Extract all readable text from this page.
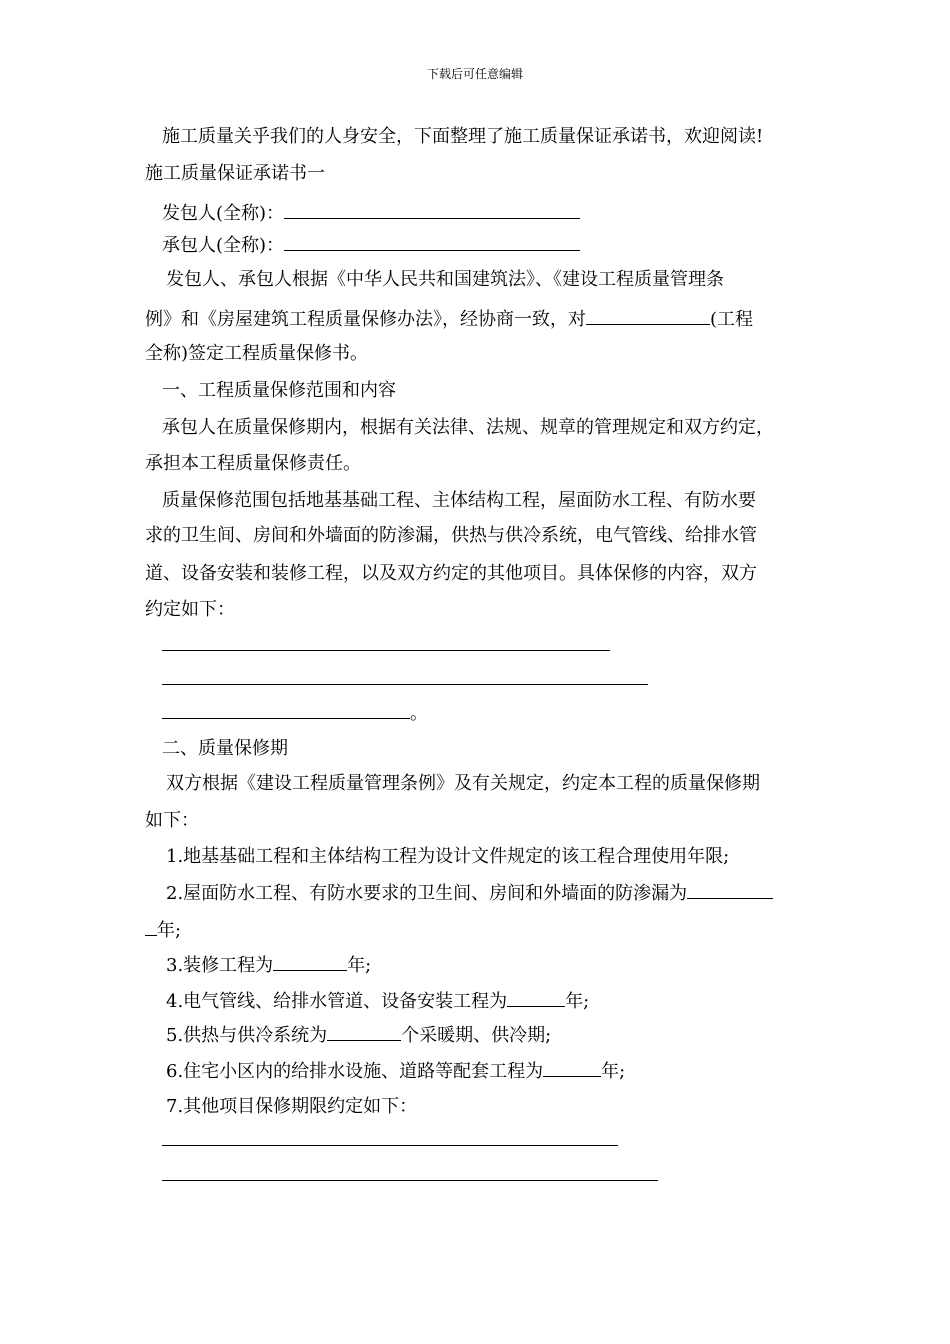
下载后可任意编辑
施工质量关乎我们的人身安全，下面整理了施工质量保证承诺书，欢迎阅读!
施工质量保证承诺书一
发包人(全称)：
承包人(全称)：
发包人、承包人根据《中华人民共和国建筑法》、《建设工程质量管理条
例》和《房屋建筑工程质量保修办法》，经协商一致，对	(工程
全称)签定工程质量保修书。
一、工程质量保修范围和内容
承包人在质量保修期内，根据有关法律、法规、规章的管理规定和双方约定，
承担本工程质量保修责任。
质量保修范围包括地基基础工程、主体结构工程，屋面防水工程、有防水要
求的卫生间、房间和外墙面的防渗漏，供热与供冷系统，电气管线、给排水管
道、设备安装和装修工程，以及双方约定的其他项目。具体保修的内容，双方
约定如下：
。
二、质量保修期
双方根据《建设工程质量管理条例》及有关规定，约定本工程的质量保修期
如下：
1.地基基础工程和主体结构工程为设计文件规定的该工程合理使用年限;
2.屋面防水工程、有防水要求的卫生间、房间和外墙面的防渗漏为
年;
3.装修工程为	年;
4.电气管线、给排水管道、设备安装工程为	年;
5.供热与供冷系统为	个采暖期、供冷期;
6.住宅小区内的给排水设施、道路等配套工程为	年;
7.其他项目保修期限约定如下：
